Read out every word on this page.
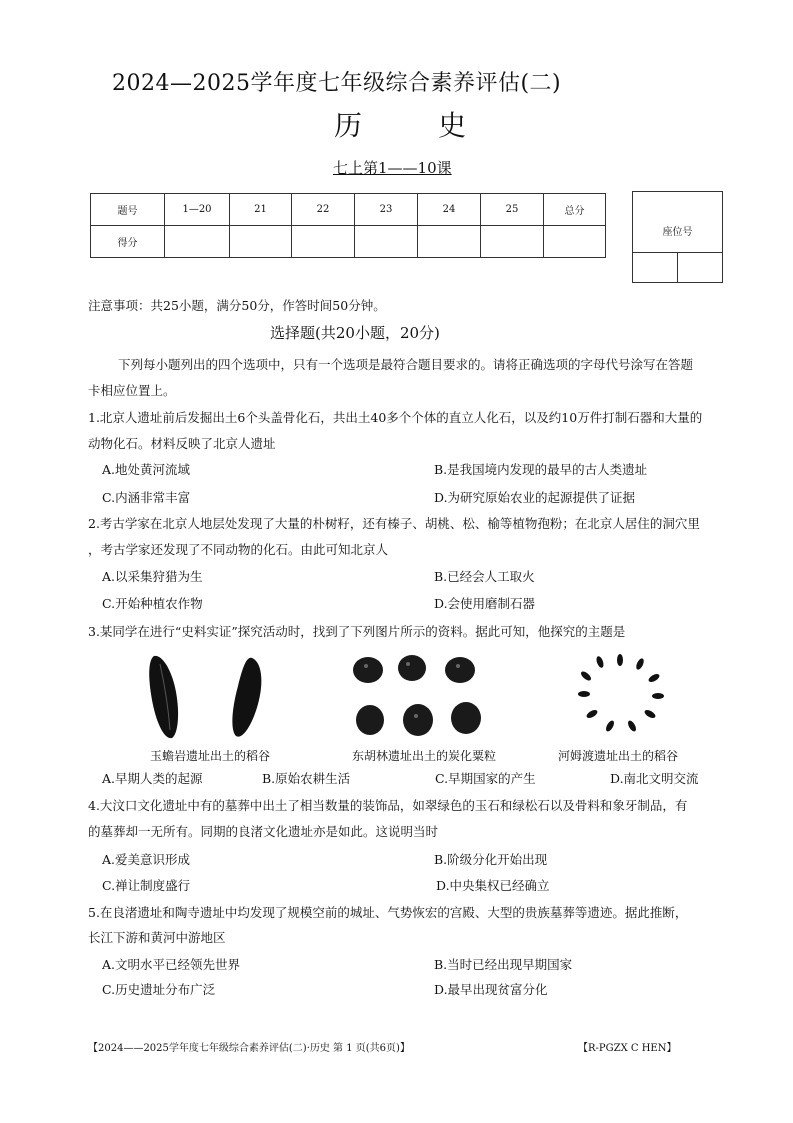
2024—2025学年度七年级综合素养评估(二)
历	史
七上第1——10课
题号	1—20	21	22	23	24	25	总分
得分							
座位号
注意事项：共25小题，满分50分，作答时间50分钟。
选择题(共20小题，20分)
下列每小题列出的四个选项中，只有一个选项是最符合题目要求的。请将正确选项的字母代号涂写在答题
卡相应位置上。
1.北京人遗址前后发掘出土6个头盖骨化石，共出土40多个个体的直立人化石，以及约10万件打制石器和大量的
动物化石。材料反映了北京人遗址
A.地处黄河流域	B.是我国境内发现的最早的古人类遗址
C.内涵非常丰富	D.为研究原始农业的起源提供了证据
2.考古学家在北京人地层处发现了大量的朴树籽，还有榛子、胡桃、松、榆等植物孢粉；在北京人居住的洞穴里
，考古学家还发现了不同动物的化石。由此可知北京人
A.以采集狩猎为生	B.已经会人工取火
C.开始种植农作物	D.会使用磨制石器
3.某同学在进行“史料实证”探究活动时，找到了下列图片所示的资料。据此可知，他探究的主题是
玉蟾岩遗址出土的稻谷	东胡林遗址出土的炭化粟粒	河姆渡遗址出土的稻谷
A.早期人类的起源	B.原始农耕生活	C.早期国家的产生	D.南北文明交流
4.大汶口文化遗址中有的墓葬中出土了相当数量的装饰品，如翠绿色的玉石和绿松石以及骨料和象牙制品，有
的墓葬却一无所有。同期的良渚文化遗址亦是如此。这说明当时
A.爱美意识形成	B.阶级分化开始出现
C.禅让制度盛行	D.中央集权已经确立
5.在良渚遗址和陶寺遗址中均发现了规模空前的城址、气势恢宏的宫殿、大型的贵族墓葬等遗迹。据此推断，
长江下游和黄河中游地区
A.文明水平已经领先世界	B.当时已经出现早期国家
C.历史遗址分布广泛	D.最早出现贫富分化
【2024——2025学年度七年级综合素养评估(二)·历史 第 1 页(共6页)】	【R-PGZX C HEN】
